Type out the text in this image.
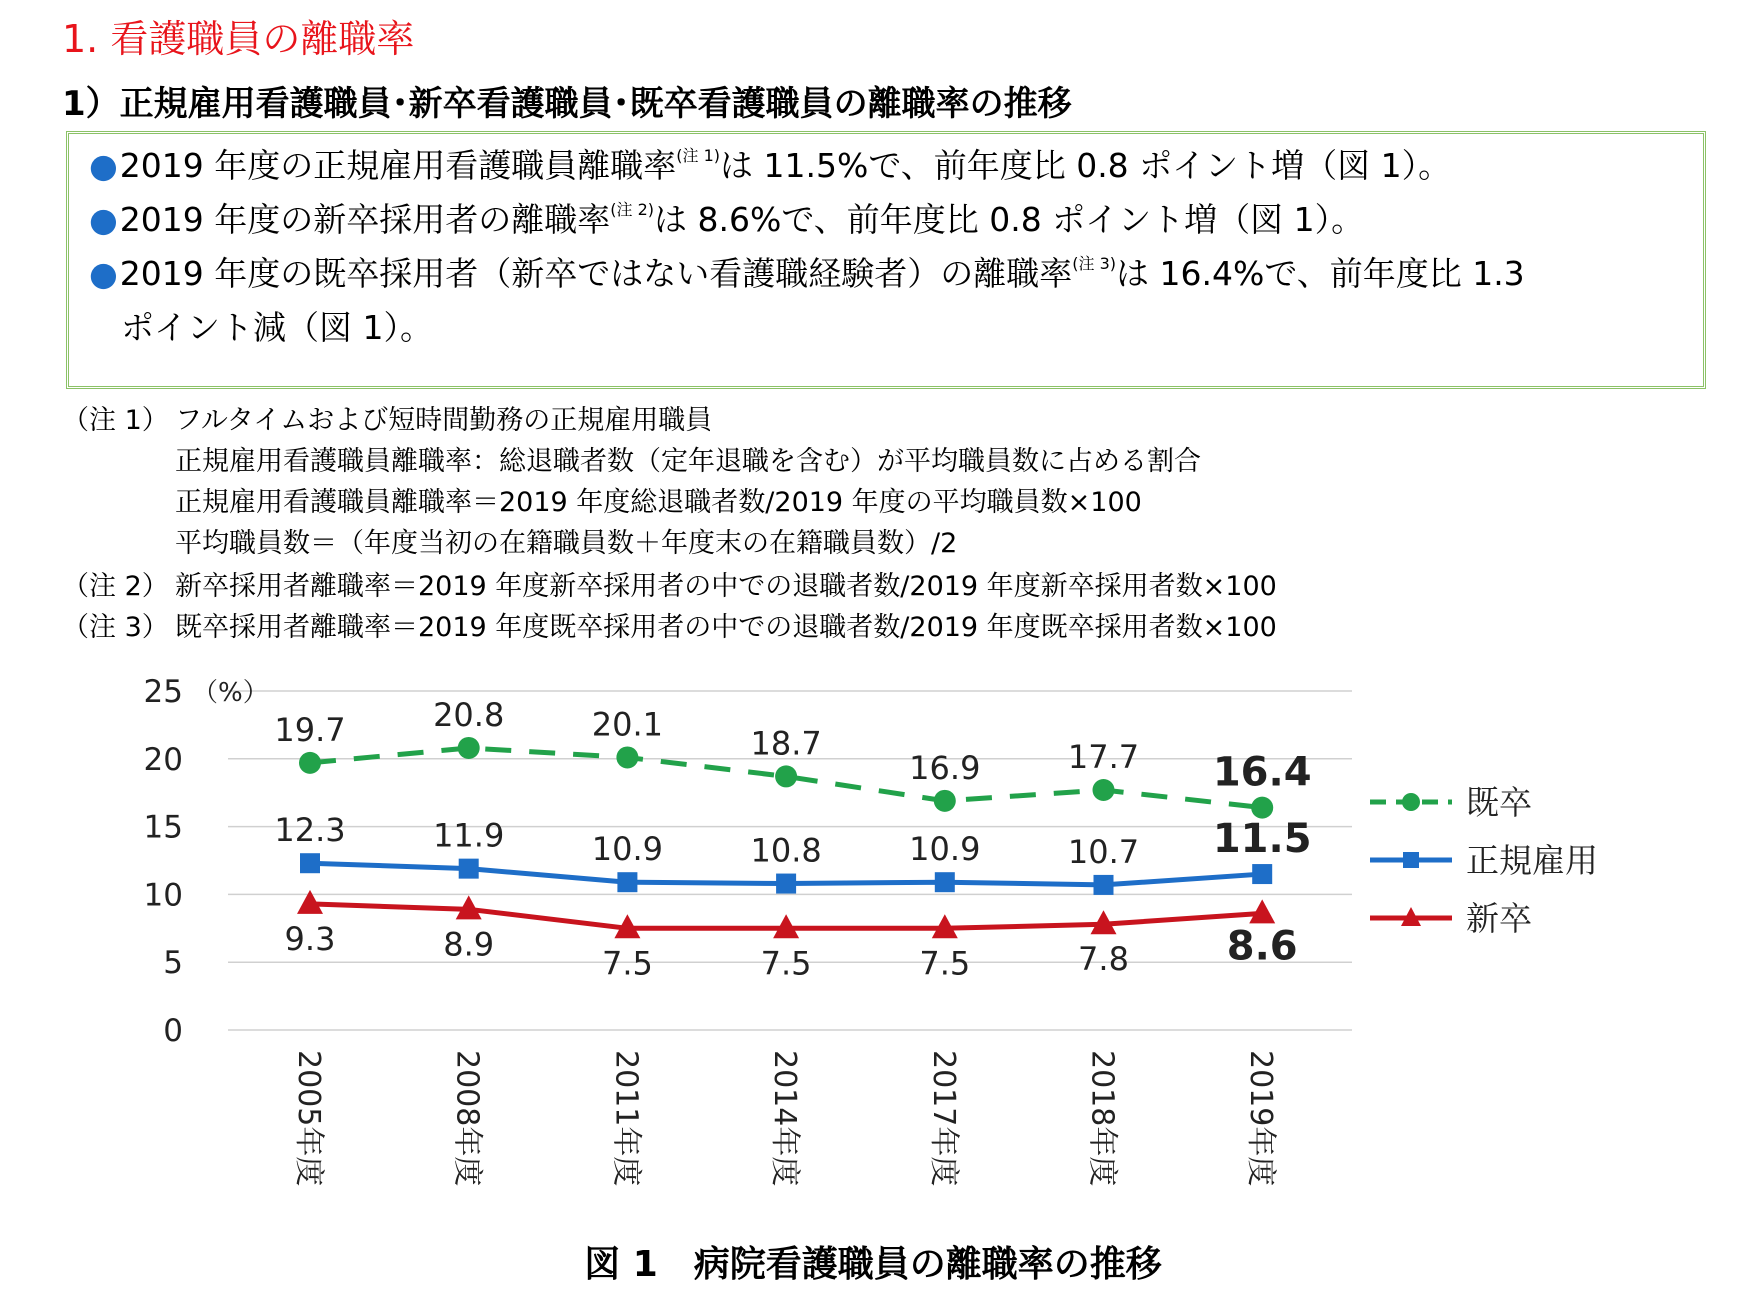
1. 看護職員の離職率
1）正規雇用看護職員･新卒看護職員･既卒看護職員の離職率の推移
●2019 年度の正規雇用看護職員離職率$^{(注 1)}$は 11.5%で、前年度比 0.8 ポイント増（図 1）。
●2019 年度の新卒採用者の離職率$^{(注 2)}$は 8.6%で、前年度比 0.8 ポイント増（図 1）。
●2019 年度の既卒採用者（新卒ではない看護職経験者）の離職率$^{(注 3)}$は 16.4%で、前年度比 1.3
ポイント減（図 1）。
（注 1） フルタイムおよび短時間勤務の正規雇用職員
正規雇用看護職員離職率：総退職者数（定年退職を含む）が平均職員数に占める割合
正規雇用看護職員離職率＝2019 年度総退職者数/2019 年度の平均職員数×100
平均職員数＝（年度当初の在籍職員数＋年度末の在籍職員数）/2
（注 2） 新卒採用者離職率＝2019 年度新卒採用者の中での退職者数/2019 年度新卒採用者数×100
（注 3） 既卒採用者離職率＝2019 年度既卒採用者の中での退職者数/2019 年度既卒採用者数×100
0
5
10
15
20
25 （%）
2005年度	2008年度	2011年度	2014年度	2017年度	2018年度	2019年度
19.7	20.8	20.1	18.7
16.9	17.7 16.4
既卒
12.3	11.9	10.9	10.8	10.9	10.7 11.5	正規雇用
9.3	8.9	7.5	7.5	7.5	7.8 8.6
新卒
図 1　病院看護職員の離職率の推移
